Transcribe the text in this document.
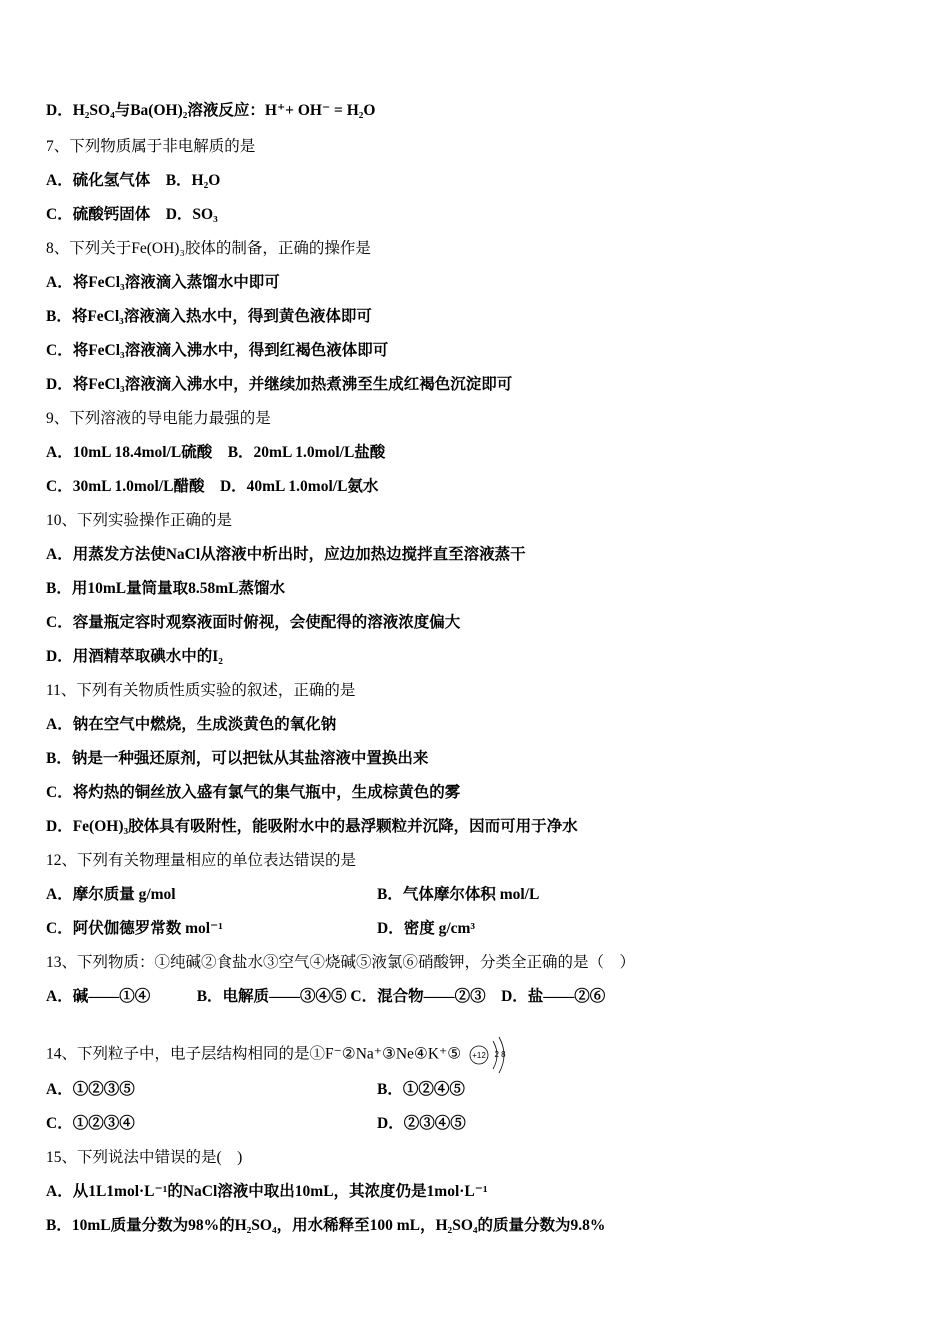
D．H₂SO₄与Ba(OH)₂溶液反应：H⁺+ OH⁻ = H₂O
7、下列物质属于非电解质的是
A．硫化氢气体　B．H₂O
C．硫酸钙固体　D．SO₃
8、下列关于Fe(OH)₃胶体的制备，正确的操作是
A．将FeCl₃溶液滴入蒸馏水中即可
B．将FeCl₃溶液滴入热水中，得到黄色液体即可
C．将FeCl₃溶液滴入沸水中，得到红褐色液体即可
D．将FeCl₃溶液滴入沸水中，并继续加热煮沸至生成红褐色沉淀即可
9、下列溶液的导电能力最强的是
A．10mL 18.4mol/L硫酸　B．20mL 1.0mol/L盐酸
C．30mL 1.0mol/L醋酸　D．40mL 1.0mol/L氨水
10、下列实验操作正确的是
A．用蒸发方法使NaCl从溶液中析出时，应边加热边搅拌直至溶液蒸干
B．用10mL量筒量取8.58mL蒸馏水
C．容量瓶定容时观察液面时俯视，会使配得的溶液浓度偏大
D．用酒精萃取碘水中的I₂
11、下列有关物质性质实验的叙述，正确的是
A．钠在空气中燃烧，生成淡黄色的氧化钠
B．钠是一种强还原剂，可以把钛从其盐溶液中置换出来
C．将灼热的铜丝放入盛有氯气的集气瓶中，生成棕黄色的雾
D．Fe(OH)₃胶体具有吸附性，能吸附水中的悬浮颗粒并沉降，因而可用于净水
12、下列有关物理量相应的单位表达错误的是
A．摩尔质量 g/mol	B．气体摩尔体积 mol/L
C．阿伏伽德罗常数 mol⁻¹	D．密度 g/cm³
13、下列物质：①纯碱②食盐水③空气④烧碱⑤液氯⑥硝酸钾，分类全正确的是（　）
A．碱——①④　　　B．电解质——③④⑤ C．混合物——②③　D．盐——②⑥
14、下列粒子中，电子层结构相同的是①F⁻②Na⁺③Ne④K⁺⑤ +12 2 8
A．①②③⑤	B．①②④⑤
C．①②③④	D．②③④⑤
15、下列说法中错误的是(　)
A．从1L1mol·L⁻¹的NaCl溶液中取出10mL，其浓度仍是1mol·L⁻¹
B．10mL质量分数为98%的H₂SO₄，用水稀释至100 mL，H₂SO₄的质量分数为9.8%
